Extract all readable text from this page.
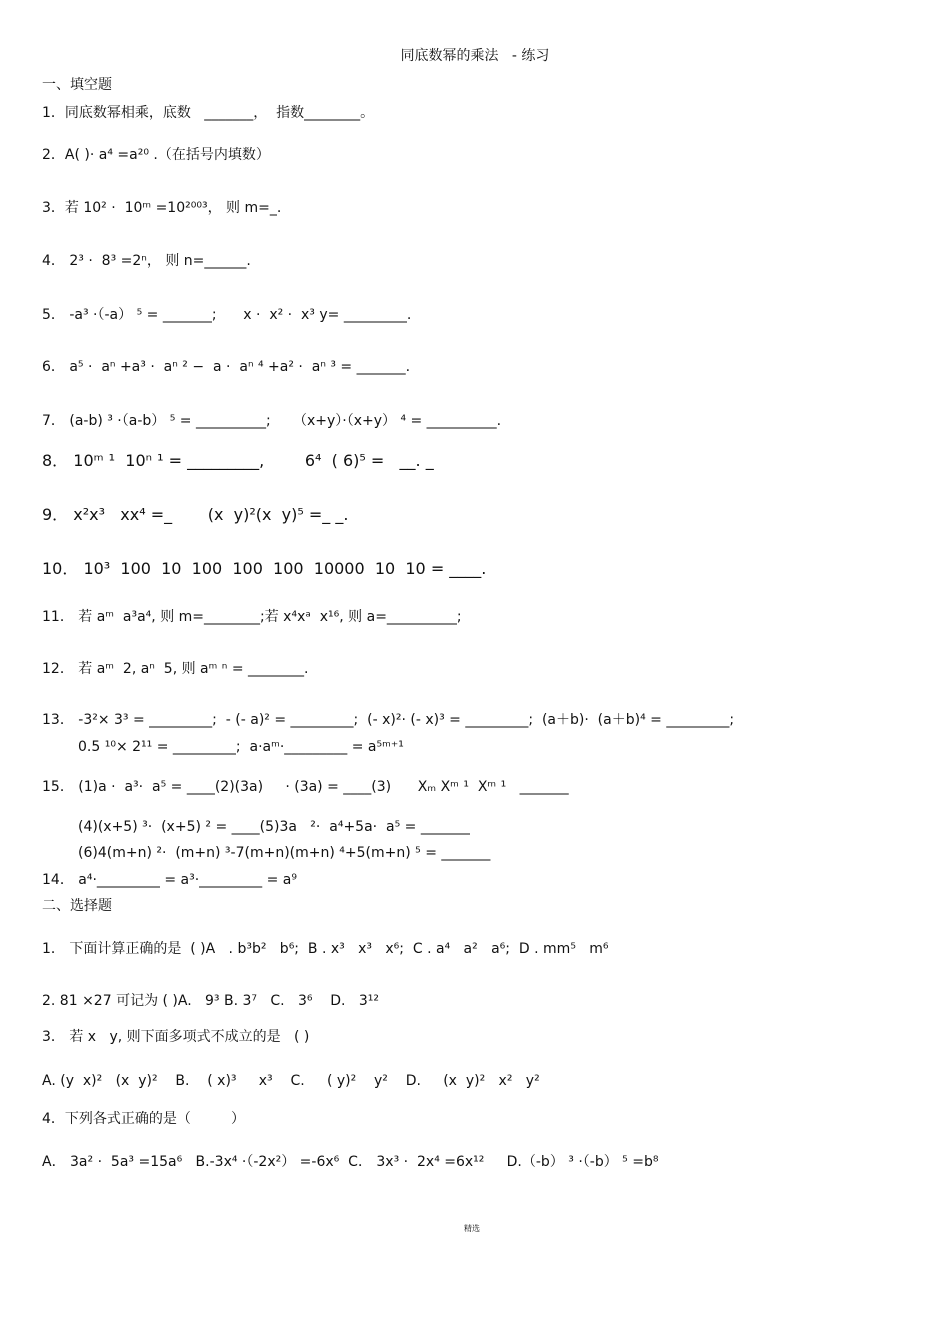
同底数幂的乘法   - 练习
一、填空题
1．同底数幂相乘，底数   _______，  指数________。
2．A( )· a⁴ =a²⁰ .（在括号内填数）
3．若 10² ·  10ᵐ =10²⁰⁰³， 则 m=_.
4． 2³ ·  8³ =2ⁿ， 则 n=______.
5． -a³ ·（-a） ⁵ = _______;      x ·  x² ·  x³ y= _________.
6． a⁵ ·  aⁿ +a³ ·  aⁿ ² −  a ·  aⁿ ⁴ +a² ·  aⁿ ³ = _______.
7． (a-b) ³ ·（a-b） ⁵ = __________;     （x+y）·（x+y） ⁴ = __________.
8． 10ᵐ ¹  10ⁿ ¹ = _________,        6⁴  ( 6)⁵ =   __. _
9． x²x³   xx⁴ =_       (x  y)²(x  y)⁵ =_ _.
10． 10³  100  10  100  100  100  10000  10  10 = ____.
11． 若 aᵐ  a³a⁴, 则 m=________;若 x⁴xᵃ  x¹⁶, 则 a=__________;
12． 若 aᵐ  2, aⁿ  5, 则 aᵐ ⁿ = ________.
13． -3²× 3³ = _________;  - (- a)² = _________;  (- x)²· (- x)³ = _________;  (a＋b)·  (a＋b)⁴ = _________;
0.5 ¹⁰× 2¹¹ = _________;  a·aᵐ·_________ = a⁵ᵐ⁺¹
15． (1)a ·  a³·  a⁵ = ____(2)(3a)     · (3a) = ____(3)      Xₘ Xᵐ ¹  Xᵐ ¹   _______
(4)(x+5) ³·  (x+5) ² = ____(5)3a   ²·  a⁴+5a·  a⁵ = _______
(6)4(m+n) ²·  (m+n) ³-7(m+n)(m+n) ⁴+5(m+n) ⁵ = _______
14． a⁴·_________ = a³·_________ = a⁹
二、选择题
1． 下面计算正确的是  ( )A   . b³b²   b⁶;  B . x³   x³   x⁶;  C . a⁴   a²   a⁶;  D . mm⁵   m⁶
2. 81 ×27 可记为 ( )A.   9³ B. 3⁷   C.   3⁶    D.   3¹²
3． 若 x   y, 则下面多项式不成立的是   ( )
A. (y  x)²   (x  y)²    B.    ( x)³     x³    C.     ( y)²    y²    D.     (x  y)²   x²   y²
4．下列各式正确的是（         ）
A． 3a² ·  5a³ =15a⁶   B.-3x⁴ ·（-2x²） =-6x⁶  C． 3x³ ·  2x⁴ =6x¹²     D.（-b） ³ ·（-b） ⁵ =b⁸
精选
